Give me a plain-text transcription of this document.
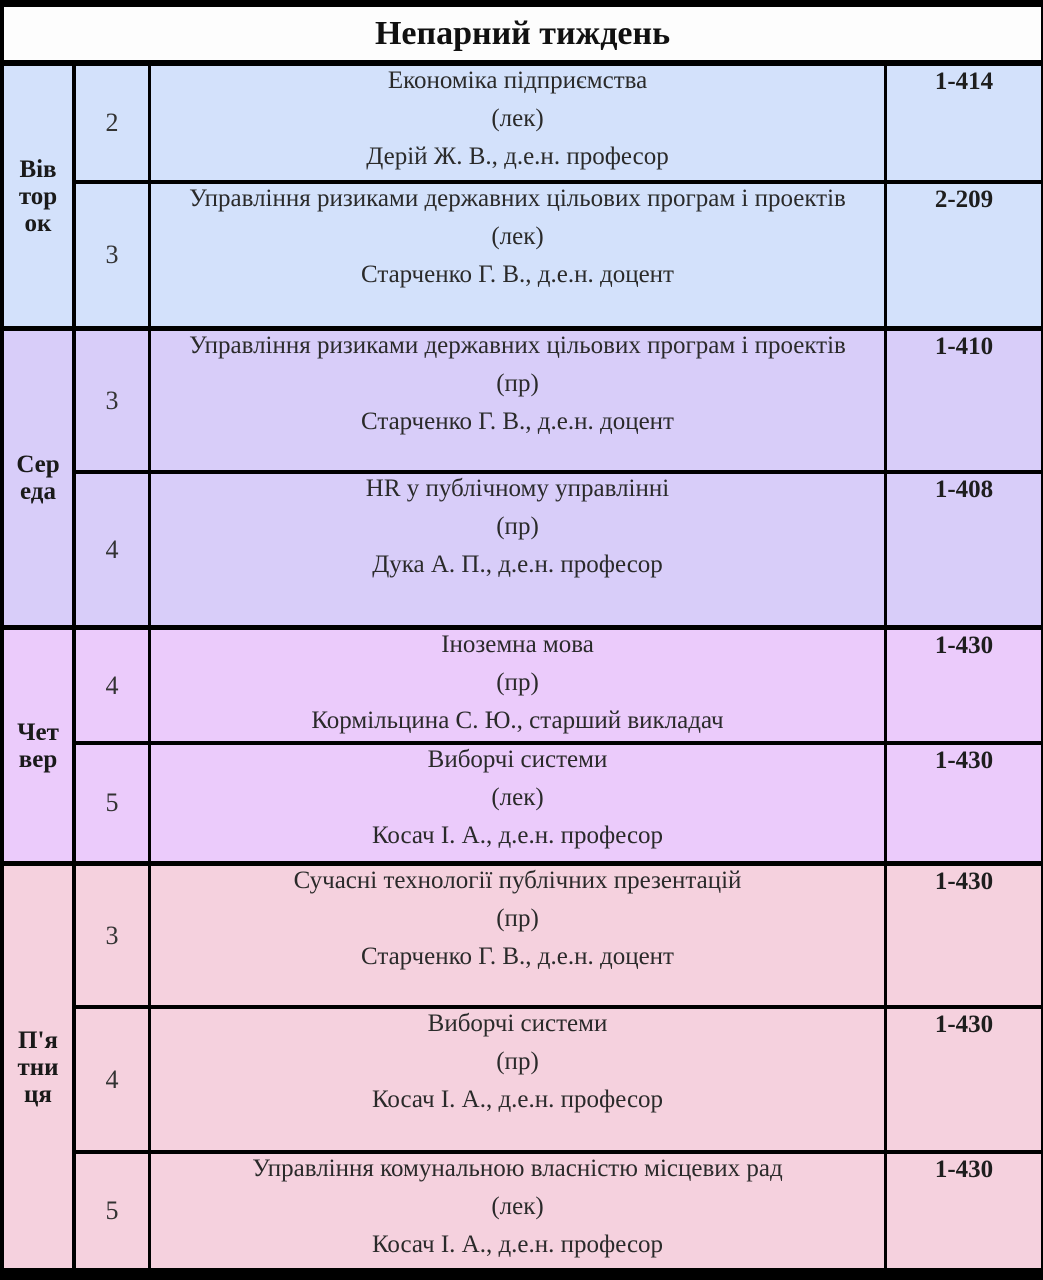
Непарний тиждень
Вів
тор
ок
2
Економіка підприємства
(лек)
Дерій Ж. В., д.е.н. професор
1-414
3
Управління ризиками державних цільових програм і проектів
(лек)
Старченко Г. В., д.е.н. доцент
2-209
Сер
еда
3
Управління ризиками державних цільових програм і проектів
(пр)
Старченко Г. В., д.е.н. доцент
1-410
4
HR у публічному управлінні
(пр)
Дука А. П., д.е.н. професор
1-408
Чет
вер
4
Іноземна мова
(пр)
Кормільцина С. Ю., старший викладач
1-430
5
Виборчі системи
(лек)
Косач І. А., д.е.н. професор
1-430
П'я
тни
ця
3
Сучасні технології публічних презентацій
(пр)
Старченко Г. В., д.е.н. доцент
1-430
4
Виборчі системи
(пр)
Косач І. А., д.е.н. професор
1-430
5
Управління комунальною власністю місцевих рад
(лек)
Косач І. А., д.е.н. професор
1-430
